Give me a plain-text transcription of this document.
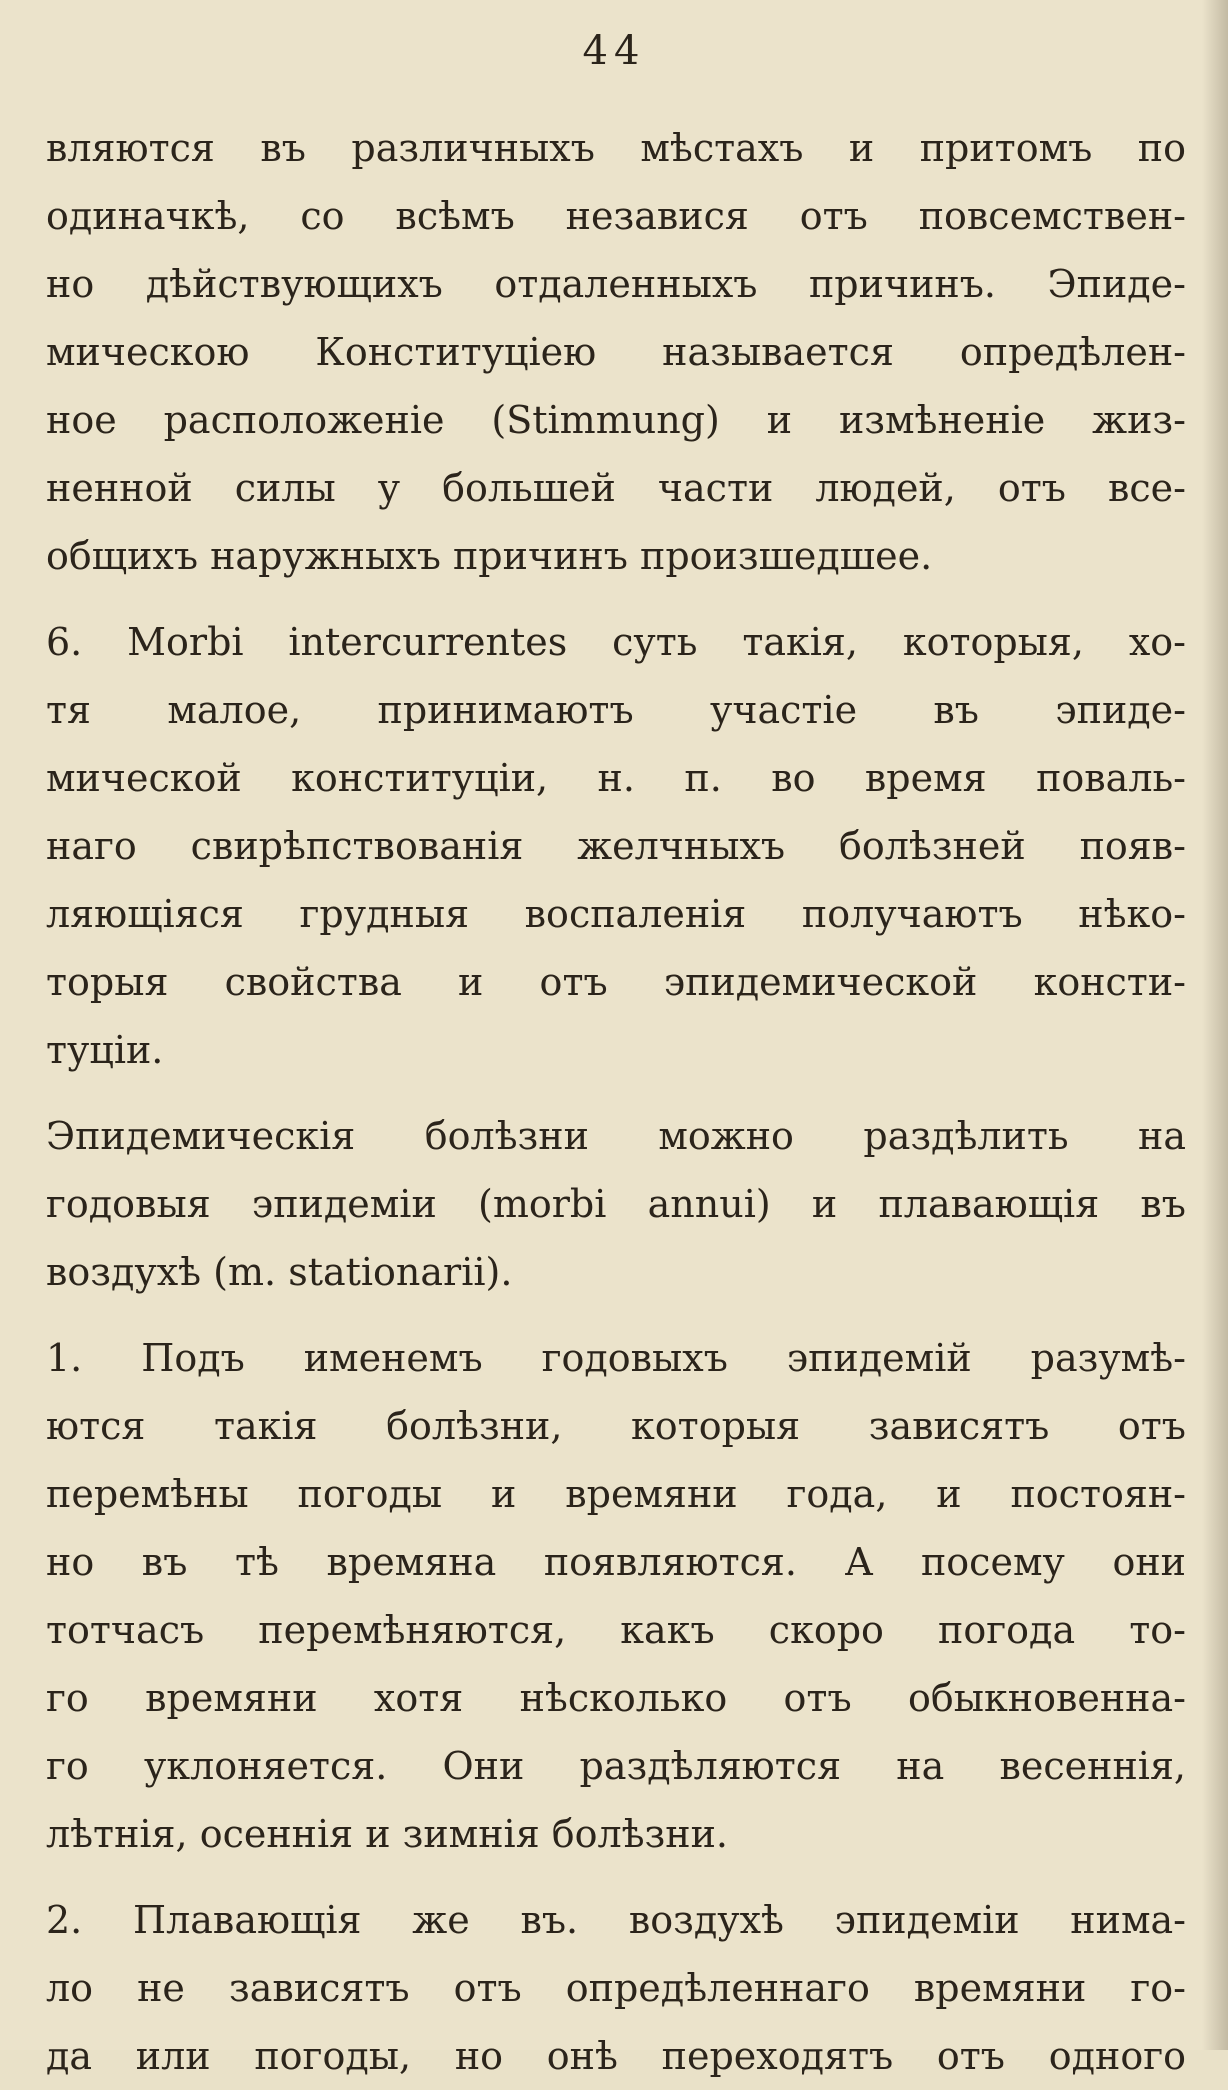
44
вляются въ различныхъ мѣстахъ и притомъ по
одиначкѣ, со всѣмъ независя отъ повсемствен-
но дѣйствующихъ отдаленныхъ причинъ. Эпиде-
мическою Конституцiею называется опредѣлен-
ное расположенiе (Stimmung) и измѣненiе жиз-
ненной силы у большей части людей, отъ все-
общихъ наружныхъ причинъ произшедшее.
6. Morbi intercurrentes суть такiя, которыя, хо-
тя малое, принимаютъ участiе въ эпиде-
мической конституцiи, н. п. во время поваль-
наго свирѣпствованiя желчныхъ болѣзней появ-
ляющiяся грудныя воспаленiя получаютъ нѣко-
торыя свойства и отъ эпидемической консти-
туцiи.
Эпидемическiя болѣзни можно раздѣлить на
годовыя эпидемiи (morbi annui) и плавающiя въ
воздухѣ (m. stationarii).
1. Подъ именемъ годовыхъ эпидемiй разумѣ-
ются такiя болѣзни, которыя зависятъ отъ
перемѣны погоды и времяни года, и постоян-
но въ тѣ времяна появляются. А посему они
тотчасъ перемѣняются, какъ скоро погода то-
го времяни хотя нѣсколько отъ обыкновенна-
го уклоняется. Они раздѣляются на весеннiя,
лѣтнiя, осеннiя и зимнiя болѣзни.
2. Плавающiя же въ. воздухѣ эпидемiи нима-
ло не зависятъ отъ опредѣленнаго времяни го-
да или погоды, но онѣ переходятъ отъ одного
